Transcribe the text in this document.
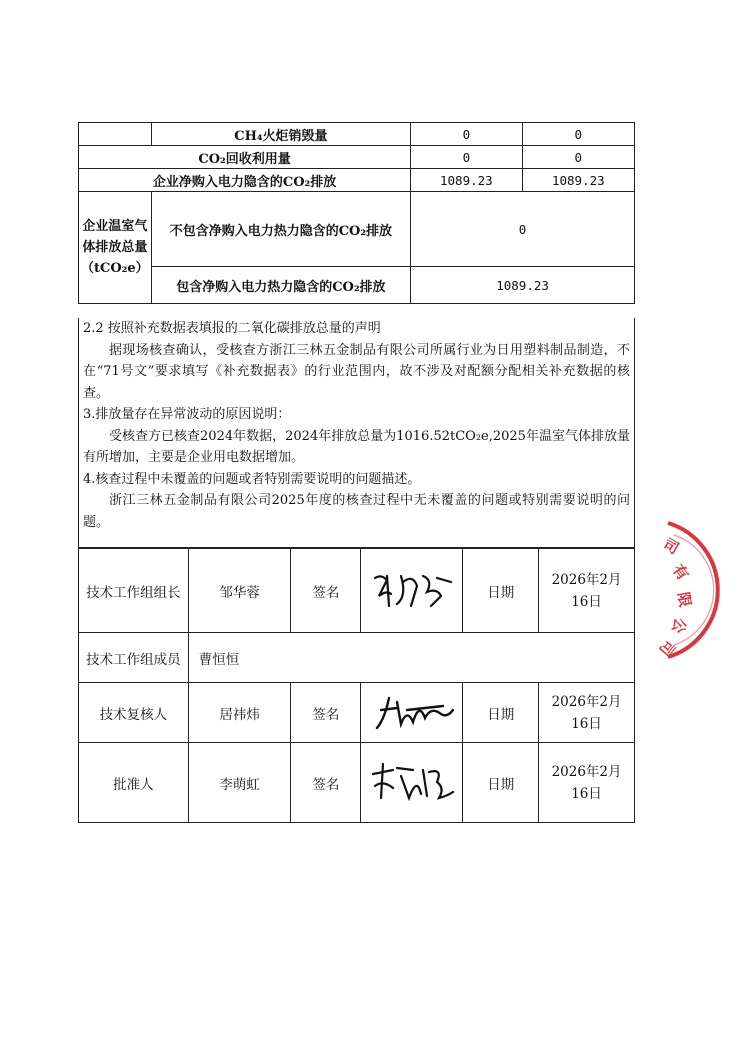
	CH₄火炬销毁量	0	0
CO₂回收利用量		0	0
企业净购入电力隐含的CO₂排放		1089.23	1089.23
企业温室气体排放总量（tCO₂e）	不包含净购入电力热力隐含的CO₂排放	0	
	包含净购入电力热力隐含的CO₂排放	1089.23	

2.2 按照补充数据表填报的二氧化碳排放总量的声明

据现场核查确认，受核查方浙江三林五金制品有限公司所属行业为日用塑料制品制造，不在“71号文”要求填写《补充数据表》的行业范围内，故不涉及对配额分配相关补充数据的核查。

3.排放量存在异常波动的原因说明：

受核查方已核查2024年数据，2024年排放总量为1016.52tCO₂e,2025年温室气体排放量有所增加，主要是企业用电数据增加。

4.核查过程中未覆盖的问题或者特别需要说明的问题描述。

浙江三林五金制品有限公司2025年度的核查过程中无未覆盖的问题或特别需要说明的问题。

技术工作组组长	邹华蓉	签名		日期	2026年2月16日
技术工作组成员	曹恒恒				
技术复核人	居祎炜	签名		日期	2026年2月16日
批准人	李萌虹	签名		日期	2026年2月16日
司
有
限
公
司
